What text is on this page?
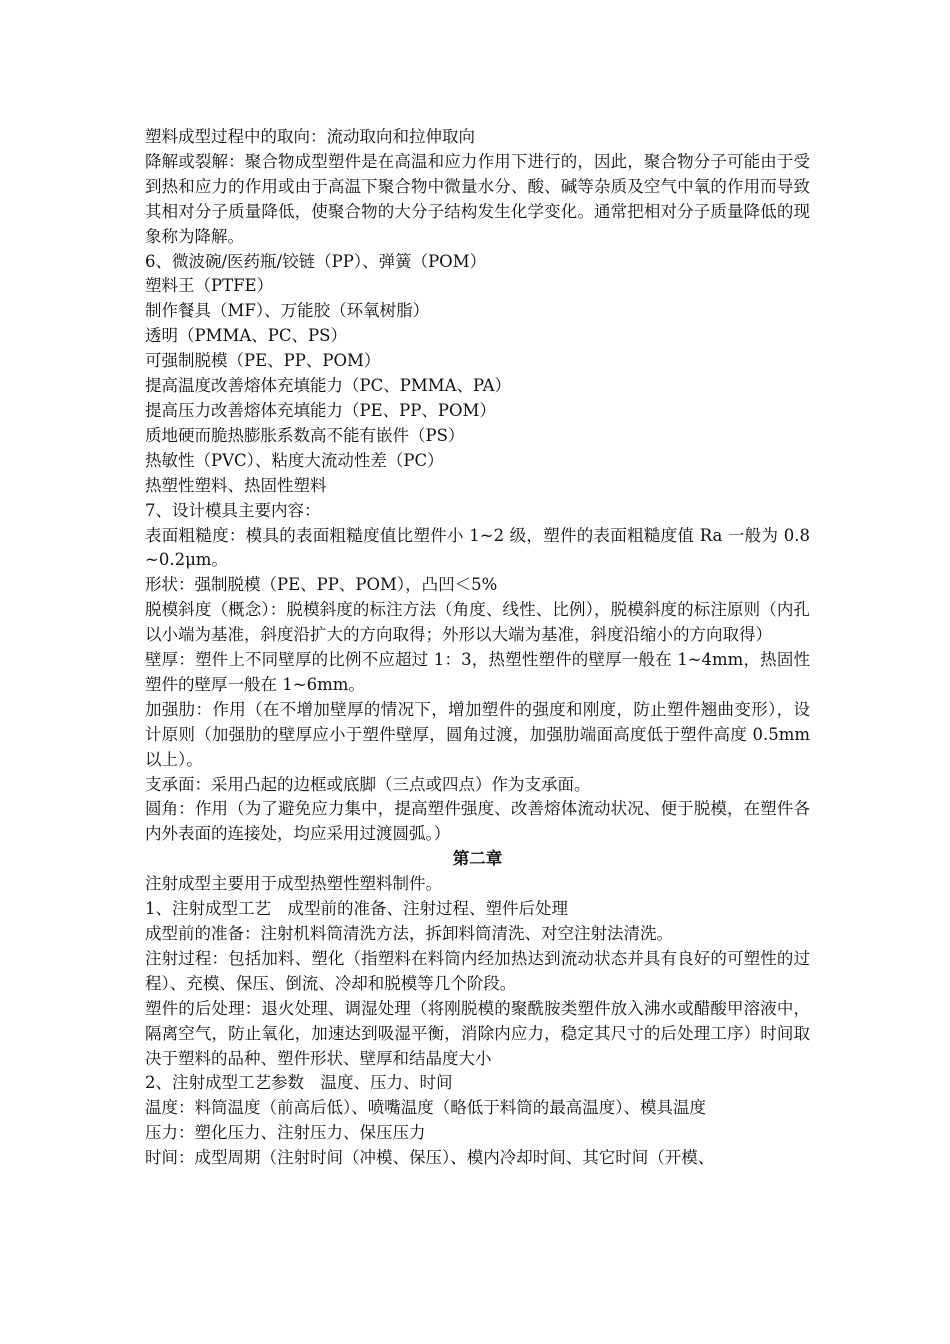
塑料成型过程中的取向：流动取向和拉伸取向

降解或裂解：聚合物成型塑件是在高温和应力作用下进行的，因此，聚合物分子可能由于受到热和应力的作用或由于高温下聚合物中微量水分、酸、碱等杂质及空气中氧的作用而导致其相对分子质量降低，使聚合物的大分子结构发生化学变化。通常把相对分子质量降低的现象称为降解。

6、微波碗/医药瓶/铰链（PP）、弹簧（POM）

塑料王（PTFE）

制作餐具（MF）、万能胶（环氧树脂）

透明（PMMA、PC、PS）

可强制脱模（PE、PP、POM）

提高温度改善熔体充填能力（PC、PMMA、PA）

提高压力改善熔体充填能力（PE、PP、POM）

质地硬而脆热膨胀系数高不能有嵌件（PS）

热敏性（PVC）、粘度大流动性差（PC）

热塑性塑料、热固性塑料

7、设计模具主要内容：

表面粗糙度：模具的表面粗糙度值比塑件小 1~2 级，塑件的表面粗糙度值 Ra 一般为 0.8~0.2μm。

形状：强制脱模（PE、PP、POM），凸凹＜5%

脱模斜度（概念）：脱模斜度的标注方法（角度、线性、比例），脱模斜度的标注原则（内孔以小端为基准，斜度沿扩大的方向取得；外形以大端为基准，斜度沿缩小的方向取得）

壁厚：塑件上不同壁厚的比例不应超过 1：3，热塑性塑件的壁厚一般在 1~4mm，热固性塑件的壁厚一般在 1~6mm。

加强肋：作用（在不增加壁厚的情况下，增加塑件的强度和刚度，防止塑件翘曲变形），设计原则（加强肋的壁厚应小于塑件壁厚，圆角过渡，加强肋端面高度低于塑件高度 0.5mm 以上）。

支承面：采用凸起的边框或底脚（三点或四点）作为支承面。

圆角：作用（为了避免应力集中，提高塑件强度、改善熔体流动状况、便于脱模，在塑件各内外表面的连接处，均应采用过渡圆弧。）

第二章

注射成型主要用于成型热塑性塑料制件。

1、注射成型工艺　成型前的准备、注射过程、塑件后处理

成型前的准备：注射机料筒清洗方法，拆卸料筒清洗、对空注射法清洗。

注射过程：包括加料、塑化（指塑料在料筒内经加热达到流动状态并具有良好的可塑性的过程）、充模、保压、倒流、冷却和脱模等几个阶段。

塑件的后处理：退火处理、调湿处理（将刚脱模的聚酰胺类塑件放入沸水或醋酸甲溶液中，隔离空气，防止氧化，加速达到吸湿平衡，消除内应力，稳定其尺寸的后处理工序）时间取决于塑料的品种、塑件形状、壁厚和结晶度大小

2、注射成型工艺参数　温度、压力、时间

温度：料筒温度（前高后低）、喷嘴温度（略低于料筒的最高温度）、模具温度

压力：塑化压力、注射压力、保压压力

时间：成型周期（注射时间（冲模、保压）、模内冷却时间、其它时间（开模、
